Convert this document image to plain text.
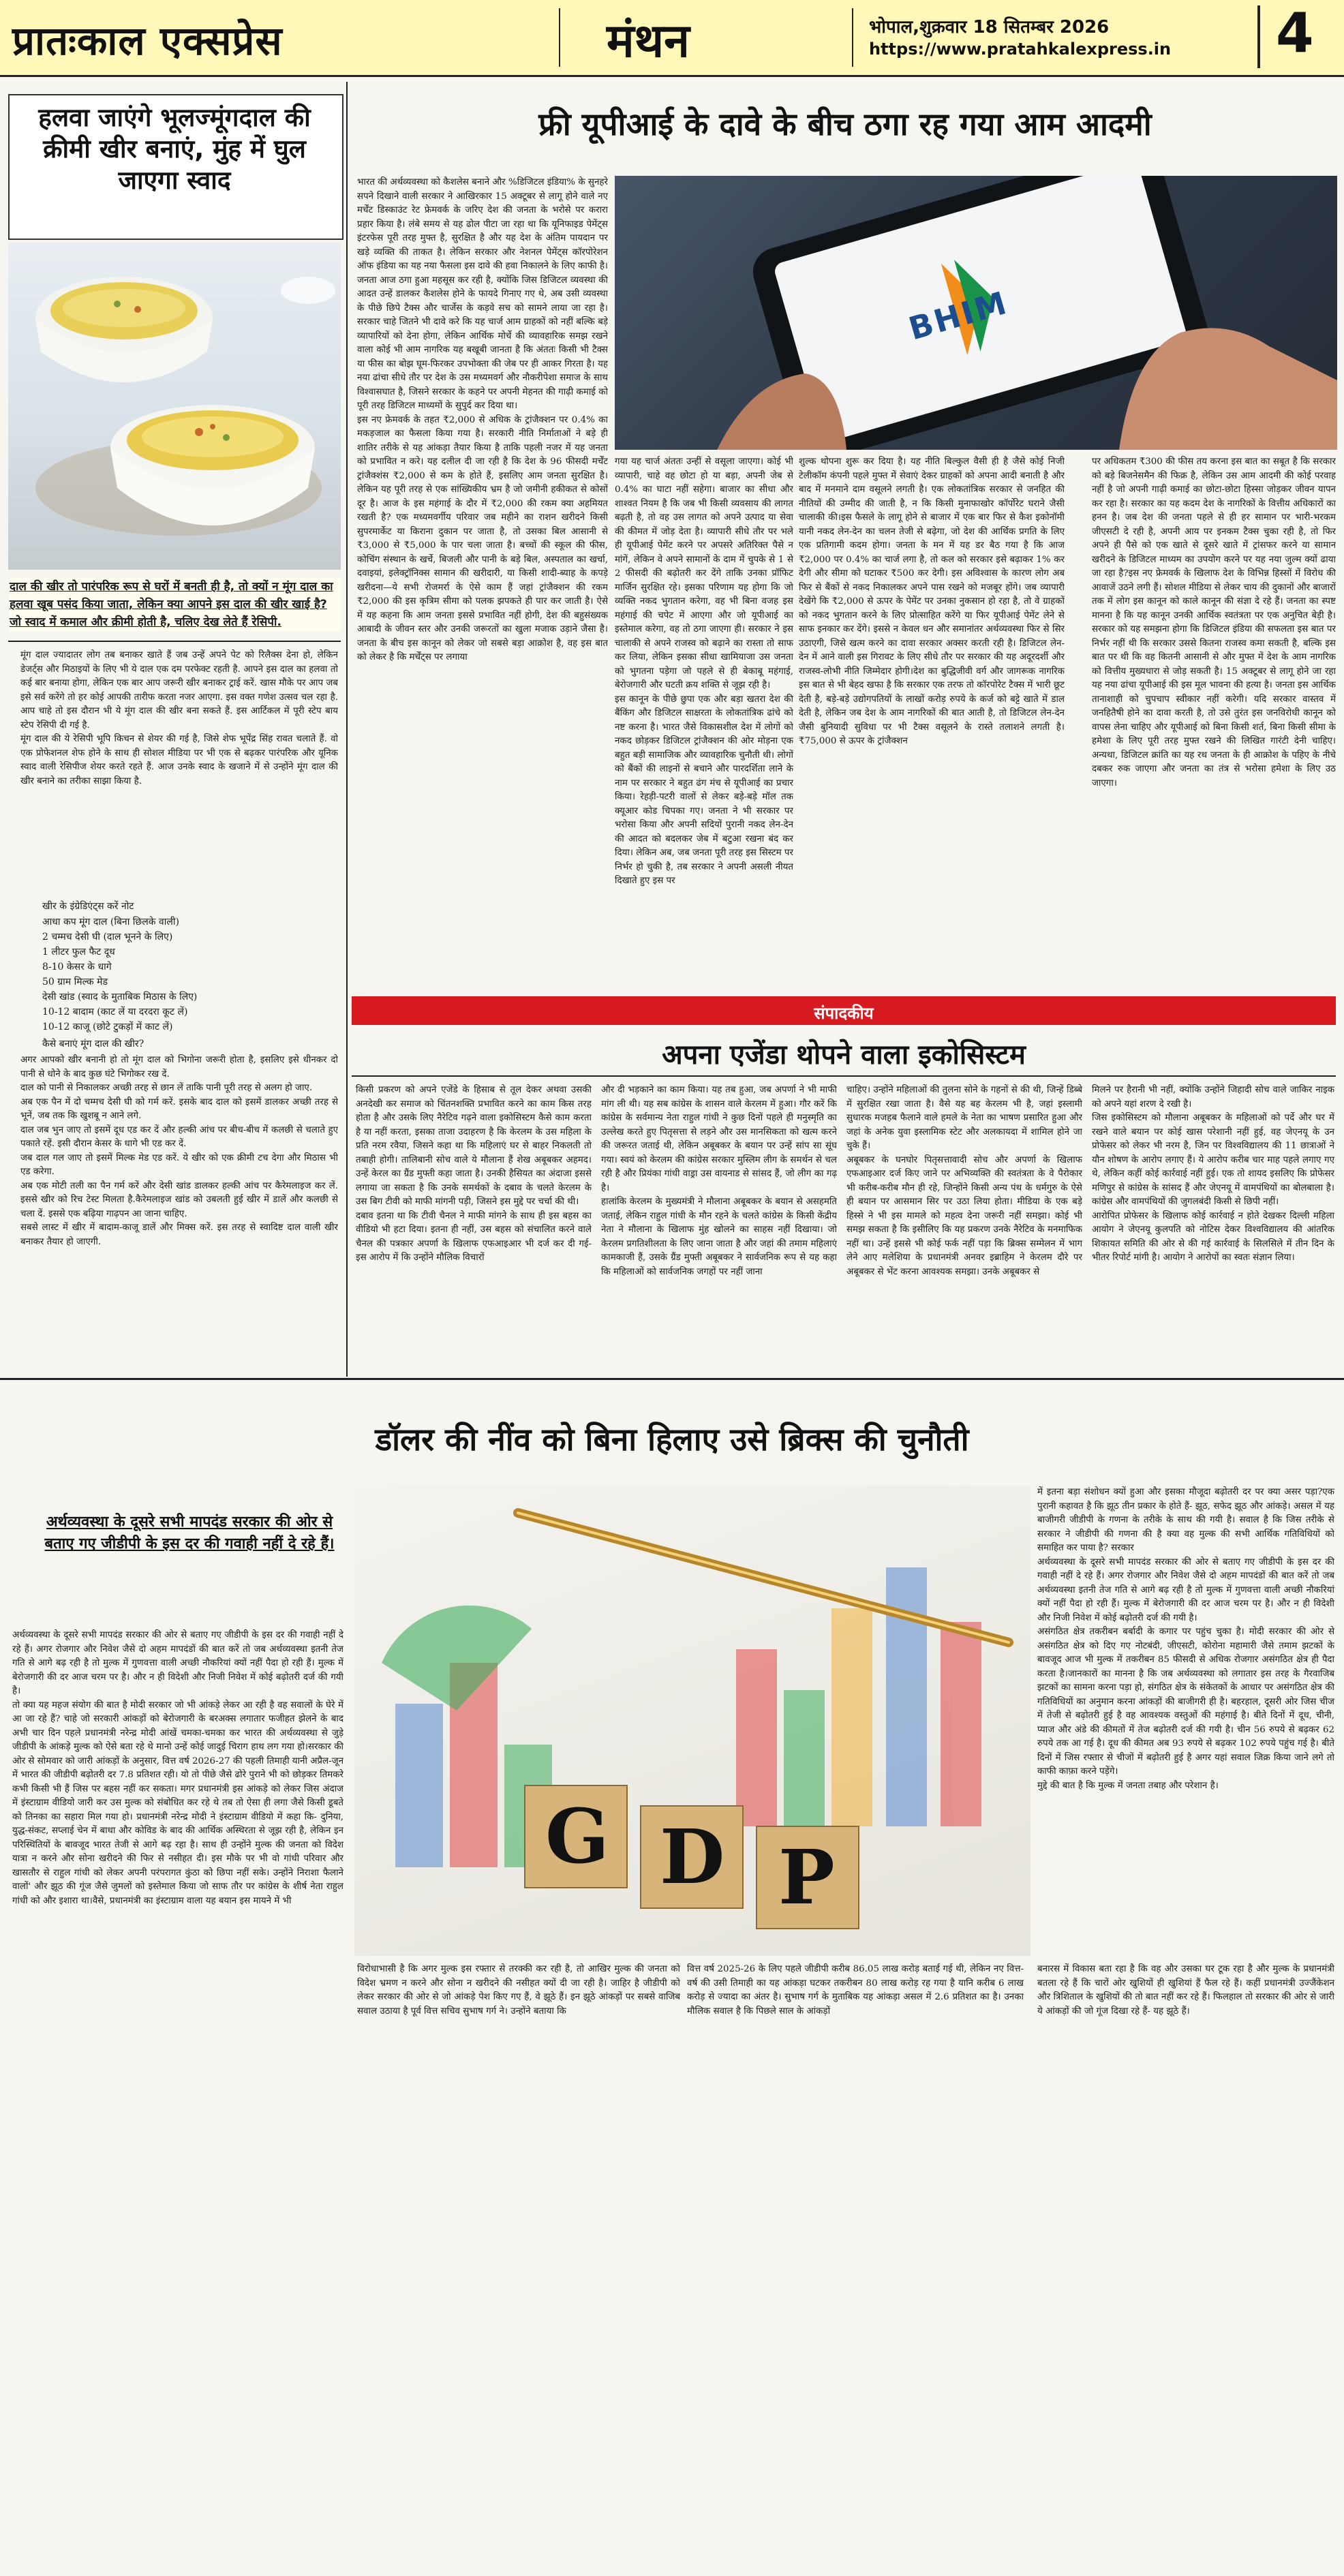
प्रातःकाल एक्सप्रेस	मंथन	भोपाल,शुक्रवार 18 सितम्बर 2026
https://www.pratahkalexpress.in 4
हलवा जाएंगे भूलज्मूंगदाल की क्रीमी खीर बनाएं, मुंह में घुल जाएगा स्वाद
दाल की खीर तो पारंपरिक रूप से घरों में बनती ही है, तो क्यों न मूंग दाल का हलवा खूब पसंद किया जाता, लेकिन क्या आपने इस दाल की खीर खाई है? जो स्वाद में कमाल और क्रीमी होती है, चलिए देख लेते हैं रेसिपी.

मूंग दाल ज्यादातर लोग तब बनाकर खाते हैं जब उन्हें अपने पेट को रिलैक्स देना हो, लेकिन डेजर्ट्स और मिठाइयों के लिए भी ये दाल एक दम परफेक्ट रहती है. आपने इस दाल का हलवा तो कई बार बनाया होगा, लेकिन एक बार आप जरूरी खीर बनाकर ट्राई करें. खास मौके पर आप जब इसे सर्व करेंगे तो हर कोई आपकी तारीफ करता नजर आएगा. इस वक्त गणेश उत्सव चल रहा है. आप चाहे तो इस दौरान भी ये मूंग दाल की खीर बना सकते हैं. इस आर्टिकल में पूरी स्टेप बाय स्टेप रेसिपी दी गई है.
मूंग दाल की ये रेसिपी भूपि किचन से शेयर की गई है, जिसे शेफ भूपेंद्र सिंह रावत चलाते हैं. वो एक प्रोफेशनल शेफ होने के साथ ही सोशल मीडिया पर भी एक से बढ़कर पारंपरिक और यूनिक स्वाद वाली रेसिपीज शेयर करते रहते हैं. आज उनके स्वाद के खजाने में से उन्होंने मूंग दाल की खीर बनाने का तरीका साझा किया है.

खीर के इंग्रेडिएंट्स करें नोट
आधा कप मूंग दाल (बिना छिलके वाली)
2 चम्मच देसी घी (दाल भूनने के लिए)
1 लीटर फुल फैट दूध
8-10 केसर के धागे
50 ग्राम मिल्क मेड
देसी खांड (स्वाद के मुताबिक मिठास के लिए)
10-12 बादाम (काट लें या दरदरा कूट लें)
10-12 काजू (छोटे टुकड़ों में काट लें)
कैसे बनाएं मूंग दाल की खीर?

अगर आपको खीर बनानी हो तो मूंग दाल को भिगोना जरूरी होता है, इसलिए इसे धीनकर दो पानी से धोने के बाद कुछ घंटे भिगोकर रख दें.
दाल को पानी से निकालकर अच्छी तरह से छान लें ताकि पानी पूरी तरह से अलग हो जाए.
अब एक पैन में दो चम्मच देसी घी को गर्म करें. इसके बाद दाल को इसमें डालकर अच्छी तरह से भूनें, जब तक कि खुशबू न आने लगे.
दाल जब भुन जाए तो इसमें दूध एड कर दें और हल्की आंच पर बीच-बीच में कलछी से चलाते हुए पकाते रहें. इसी दौरान केसर के धागे भी एड कर दें.
जब दाल गल जाए तो इसमें मिल्क मेड एड करें. ये खीर को एक क्रीमी टच देगा और मिठास भी एड करेगा.
अब एक मोटी तली का पैन गर्म करें और देसी खांड डालकर हल्की आंच पर कैरेमलाइज कर लें. इससे खीर को रिच टेस्ट मिलता है.कैरेमलाइज खांड को उबलती हुई खीर में डालें और कलछी से चला दें. इससे एक बढ़िया गाढ़पन आ जाना चाहिए.
सबसे लास्ट में खीर में बादाम-काजू डालें और मिक्स करें. इस तरह से स्वादिष्ट दाल वाली खीर बनाकर तैयार हो जाएगी.

फ्री यूपीआई के दावे के बीच ठगा रह गया आम आदमी

भारत की अर्थव्यवस्था को कैशलेस बनाने और %डिजिटल इंडिया% के सुनहरे सपने दिखाने वाली सरकार ने आखिरकार 15 अक्टूबर से लागू होने वाले नए मर्चेंट डिस्काउंट रेट फ्रेमवर्क के जरिए देश की जनता के भरोसे पर करारा प्रहार किया है। लंबे समय से यह ढोल पीटा जा रहा था कि यूनिफाइड पेमेंट्स इंटरफेस पूरी तरह मुफ्त है, सुरक्षित है और यह देश के अंतिम पायदान पर खड़े व्यक्ति की ताकत है। लेकिन सरकार और नेशनल पेमेंट्स कॉरपोरेशन ऑफ इंडिया का यह नया फैसला इस दावे की हवा निकालने के लिए काफी है। जनता आज ठगा हुआ महसूस कर रही है, क्योंकि जिस डिजिटल व्यवस्था की आदत उन्हें डालकर कैशलेस होने के फायदे गिनाए गए थे, अब उसी व्यवस्था के पीछे छिपे टैक्स और चार्जेस के कड़वे सच को सामने लाया जा रहा है। सरकार चाहे जितने भी दावे करे कि यह चार्ज आम ग्राहकों को नहीं बल्कि बड़े व्यापारियों को देना होगा, लेकिन आर्थिक मोर्चे की व्यावहारिक समझ रखने वाला कोई भी आम नागरिक यह बखूबी जानता है कि अंततः किसी भी टैक्स या फीस का बोझ घूम-फिरकर उपभोक्ता की जेब पर ही आकर गिरता है। यह नया ढांचा सीधे तौर पर देश के उस मध्यमवर्ग और नौकरीपेशा समाज के साथ विश्वासघात है, जिसने सरकार के कहने पर अपनी मेहनत की गाढ़ी कमाई को पूरी तरह डिजिटल माध्यमों के सुपुर्द कर दिया था।
इस नए फ्रेमवर्क के तहत ₹2,000 से अधिक के ट्रांजैक्शन पर 0.4% का मकड़जाल का फैसला किया गया है। सरकारी नीति निर्माताओं ने बड़े ही शातिर तरीके से यह आंकड़ा तैयार किया है ताकि पहली नजर में यह जनता को प्रभावित न करे। यह दलील दी जा रही है कि देश के 96 फीसदी मर्चेंट ट्रांजैक्शंस ₹2,000 से कम के होते हैं, इसलिए आम जनता सुरक्षित है। लेकिन यह पूरी तरह से एक सांख्यिकीय भ्रम है जो जमीनी हकीकत से कोसों दूर है। आज के इस महंगाई के दौर में ₹2,000 की रकम क्या अहमियत रखती है? एक मध्यमवर्गीय परिवार जब महीने का राशन खरीदने किसी सुपरमार्केट या किराना दुकान पर जाता है, तो उसका बिल आसानी से ₹3,000 से ₹5,000 के पार चला जाता है। बच्चों की स्कूल की फीस, कोचिंग संस्थान के खर्चे, बिजली और पानी के बड़े बिल, अस्पताल का खर्चा, दवाइयां, इलेक्ट्रॉनिक्स सामान की खरीदारी, या किसी शादी-ब्याह के कपड़े खरीदना—ये सभी रोजमर्रा के ऐसे काम हैं जहां ट्रांजैक्शन की रकम ₹2,000 की इस कृत्रिम सीमा को पलक झपकते ही पार कर जाती है। ऐसे में यह कहना कि आम जनता इससे प्रभावित नहीं होगी, देश की बहुसंख्यक आबादी के जीवन स्तर और उनकी जरूरतों का खुला मजाक उड़ाने जैसा है।जनता के बीच इस कानून को लेकर जो सबसे बड़ा आक्रोश है, वह इस बात को लेकर है कि मर्चेंट्स पर लगाया

BHIM

गया यह चार्ज अंततः उन्हीं से वसूला जाएगा। कोई भी व्यापारी, चाहे वह छोटा हो या बड़ा, अपनी जेब से 0.4% का घाटा नहीं सहेगा। बाजार का सीधा और शाश्वत नियम है कि जब भी किसी व्यवसाय की लागत बढ़ती है, तो वह उस लागत को अपने उत्पाद या सेवा की कीमत में जोड़ देता है। व्यापारी सीधे तौर पर भले ही यूपीआई पेमेंट करने पर अपसरे अतिरिक्त पैसे न मांगें, लेकिन वे अपने सामानों के दाम में चुपके से 1 से 2 फीसदी की बढ़ोतरी कर देंगे ताकि उनका प्रॉफिट मार्जिन सुरक्षित रहे। इसका परिणाम यह होगा कि जो व्यक्ति नकद भुगतान करेगा, वह भी बिना वजह इस महंगाई की चपेट में आएगा और जो यूपीआई का इस्तेमाल करेगा, वह तो ठगा जाएगा ही। सरकार ने इस चालाकी से अपने राजस्व को बढ़ाने का रास्ता तो साफ कर लिया, लेकिन इसका सीधा खामियाजा उस जनता को भुगतना पड़ेगा जो पहले से ही बेकाबू महंगाई, बेरोजगारी और घटती क्रय शक्ति से जूझ रही है।
इस कानून के पीछे छुपा एक और बड़ा खतरा देश की बैंकिंग और डिजिटल साक्षरता के लोकतांत्रिक ढांचे को नष्ट करना है। भारत जैसे विकासशील देश में लोगों को नकद छोड़कर डिजिटल ट्रांजैक्शन की ओर मोड़ना एक बहुत बड़ी सामाजिक और व्यावहारिक चुनौती थी। लोगों को बैंकों की लाइनों से बचाने और पारदर्शिता लाने के नाम पर सरकार ने बहुत ढंग मंच से यूपीआई का प्रचार किया। रेहड़ी-पटरी वालों से लेकर बड़े-बड़े मॉल तक क्यूआर कोड चिपका गए। जनता ने भी सरकार पर भरोसा किया और अपनी सदियों पुरानी नकद लेन-देन की आदत को बदलकर जेब में बटुआ रखना बंद कर दिया। लेकिन अब, जब जनता पूरी तरह इस सिस्टम पर निर्भर हो चुकी है, तब सरकार ने अपनी असली नीयत दिखाते हुए इस पर

शुल्क थोपना शुरू कर दिया है। यह नीति बिल्कुल वैसी ही है जैसे कोई निजी टेलीकॉम कंपनी पहले मुफ्त में सेवाएं देकर ग्राहकों को अपना आदी बनाती है और बाद में मनमाने दाम वसूलने लगती है। एक लोकतांत्रिक सरकार से जनहित की नीतियों की उम्मीद की जाती है, न कि किसी मुनाफाखोर कॉर्पोरेट घराने जैसी चालाकी की।इस फैसले के लागू होने से बाजार में एक बार फिर से कैश इकोनॉमी यानी नकद लेन-देन का चलन तेजी से बढ़ेगा, जो देश की आर्थिक प्रगति के लिए एक प्रतिगामी कदम होगा। जनता के मन में यह डर बैठ गया है कि आज ₹2,000 पर 0.4% का चार्ज लगा है, तो कल को सरकार इसे बढ़ाकर 1% कर देगी और सीमा को घटाकर ₹500 कर देगी। इस अविश्वास के कारण लोग अब फिर से बैंकों से नकद निकालकर अपने पास रखने को मजबूर होंगे। जब व्यापारी देखेंगे कि ₹2,000 से ऊपर के पेमेंट पर उनका नुकसान हो रहा है, तो वे ग्राहकों को नकद भुगतान करने के लिए प्रोत्साहित करेंगे या फिर यूपीआई पेमेंट लेने से साफ इनकार कर देंगे। इससे न केवल धन और समानांतर अर्थव्यवस्था फिर से सिर उठाएगी, जिसे खत्म करने का दावा सरकार अक्सर करती रही है। डिजिटल लेन-देन में आने वाली इस गिरावट के लिए सीधे तौर पर सरकार की यह अदूरदर्शी और राजस्व-लोभी नीति जिम्मेदार होगी।देश का बुद्धिजीवी वर्ग और जागरूक नागरिक इस बात से भी बेहद खफा है कि सरकार एक तरफ तो कॉरपोरेट टैक्स में भारी छूट देती है, बड़े-बड़े उद्योगपतियों के लाखों करोड़ रुपये के कर्ज को बट्टे खाते में डाल देती है, लेकिन जब देश के आम नागरिकों की बात आती है, तो डिजिटल लेन-देन जैसी बुनियादी सुविधा पर भी टैक्स वसूलने के रास्ते तलाशने लगती है। ₹75,000 से ऊपर के ट्रांजैक्शन

पर अधिकतम ₹300 की फीस तय करना इस बात का सबूत है कि सरकार को बड़े बिजनेसमैन की फिक्र है, लेकिन उस आम आदमी की कोई परवाह नहीं है जो अपनी गाढ़ी कमाई का छोटा-छोटा हिस्सा जोड़कर जीवन यापन कर रहा है। सरकार का यह कदम देश के नागरिकों के वित्तीय अधिकारों का हनन है। जब देश की जनता पहले से ही हर सामान पर भारी-भरकम जीएसटी दे रही है, अपनी आय पर इनकम टैक्स चुका रही है, तो फिर अपने ही पैसे को एक खाते से दूसरे खाते में ट्रांसफर करने या सामान खरीदने के डिजिटल माध्यम का उपयोग करने पर यह नया जुल्म क्यों ढाया जा रहा है?इस नए फ्रेमवर्क के खिलाफ देश के विभिन्न हिस्सों में विरोध की आवाजें उठने लगी हैं। सोशल मीडिया से लेकर चाय की दुकानों और बाजारों तक में लोग इस कानून को काले कानून की संज्ञा दे रहे हैं। जनता का स्पष्ट मानना है कि यह कानून उनकी आर्थिक स्वतंत्रता पर एक अनुचित बेड़ी है। सरकार को यह समझना होगा कि डिजिटल इंडिया की सफलता इस बात पर निर्भर नहीं थी कि सरकार उससे कितना राजस्व कमा सकती है, बल्कि इस बात पर थी कि वह कितनी आसानी से और मुफ्त में देश के आम नागरिक को वित्तीय मुख्यधारा से जोड़ सकती है। 15 अक्टूबर से लागू होने जा रहा यह नया ढांचा यूपीआई की इस मूल भावना की हत्या है। जनता इस आर्थिक तानाशाही को चुपचाप स्वीकार नहीं करेगी। यदि सरकार वास्तव में जनहितैषी होने का दावा करती है, तो उसे तुरंत इस जनविरोधी कानून को वापस लेना चाहिए और यूपीआई को बिना किसी शर्त, बिना किसी सीमा के हमेशा के लिए पूरी तरह मुफ्त रखने की लिखित गारंटी देनी चाहिए। अन्यथा, डिजिटल क्रांति का यह रथ जनता के ही आक्रोश के पहिए के नीचे दबकर रुक जाएगा और जनता का तंत्र से भरोसा हमेशा के लिए उठ जाएगा।

संपादकीय
अपना एजेंडा थोपने वाला इकोसिस्टम

किसी प्रकरण को अपने एजेंडे के हिसाब से तूल देकर अथवा उसकी अनदेखी कर समाज को चिंतनशक्ति प्रभावित करने का काम किस तरह होता है और उसके लिए नैरेटिव गढ़ने वाला इकोसिस्टम कैसे काम करता है या नहीं करता, इसका ताजा उदाहरण है कि केरलम के उस महिला के प्रति नरम रवैया, जिसने कहा था कि महिलाएं घर से बाहर निकलती तो तबाही होगी। तालिबानी सोच वाले ये मौलाना हैं शेख अबूबकर अहमद। उन्हें केरल का ग्रैंड मुफ्ती कहा जाता है। उनकी हैसियत का अंदाजा इससे लगाया जा सकता है कि उनके समर्थकों के दबाव के चलते केरलम के उस बिग टीवी को माफी मांगनी पड़ी, जिसने इस मुद्दे पर चर्चा की थी।
दबाव इतना था कि टीवी चैनल ने माफी मांगने के साथ ही इस बहस का वीडियो भी हटा दिया। इतना ही नहीं, उस बहस को संचालित करने वाले चैनल की पत्रकार अपर्णा के खिलाफ एफआइआर भी दर्ज कर दी गई-इस आरोप में कि उन्होंने मौलिक विचारों

और दी भड़काने का काम किया। यह तब हुआ, जब अपर्णा ने भी माफी मांग ली थी। यह सब कांग्रेस के शासन वाले केरलम में हुआ। गौर करें कि कांग्रेस के सर्वमान्य नेता राहुल गांधी ने कुछ दिनों पहले ही मनुस्मृति का उल्लेख करते हुए पितृसत्ता से लड़ने और उस मानसिकता को खत्म करने की जरूरत जताई थी, लेकिन अबूबकर के बयान पर उन्हें सांप सा सूंघ गया। स्वयं को केरलम की कांग्रेस सरकार मुस्लिम लीग के समर्थन से चल रही है और प्रियंका गांधी वाड्रा उस वायनाड से सांसद हैं, जो लीग का गढ़ है।
हालांकि केरलम के मुख्यमंत्री ने मौलाना अबूबकर के बयान से असहमति जताई, लेकिन राहुल गांधी के मौन रहने के चलते कांग्रेस के किसी केंद्रीय नेता ने मौलाना के खिलाफ मुंह खोलने का साहस नहीं दिखाया। जो केरलम प्रगतिशीलता के लिए जाना जाता है और जहां की तमाम महिलाएं कामकाजी हैं, उसके ग्रैंड मुफ्ती अबूबकर ने सार्वजनिक रूप से यह कहा कि महिलाओं को सार्वजनिक जगहों पर नहीं जाना

चाहिए। उन्होंने महिलाओं की तुलना सोने के गहनों से की थी, जिन्हें डिब्बे में सुरक्षित रखा जाता है। वैसे यह बह केरलम भी है, जहां इस्लामी सुधारक मजहब फैलाने वाले हमले के नेता का भाषण प्रसारित हुआ और जहां के अनेक युवा इस्लामिक स्टेट और अलकायदा में शामिल होने जा चुके हैं।
अबूबकर के घनघोर पितृसत्तावादी सोच और अपर्णा के खिलाफ एफआइआर दर्ज किए जाने पर अभिव्यक्ति की स्वतंत्रता के वे पैरोकार भी करीब-करीब मौन ही रहे, जिन्होंने किसी अन्य पंथ के धर्मगुरु के ऐसे ही बयान पर आसमान सिर पर उठा लिया होता। मीडिया के एक बड़े हिस्से ने भी इस मामले को महत्व देना जरूरी नहीं समझा। कोई भी समझ सकता है कि इसीलिए कि यह प्रकरण उनके नैरेटिव के मनमाफिक नहीं था। उन्हें इससे भी कोई फर्क नहीं पड़ा कि ब्रिक्स सम्मेलन में भाग लेने आए मलेशिया के प्रधानमंत्री अनवर इब्राहिम ने केरलम दौरे पर अबूबकर से भेंट करना आवश्यक समझा। उनके अबूबकर से

मिलने पर हैरानी भी नहीं, क्योंकि उन्होंने जिहादी सोच वाले जाकिर नाइक को अपने यहां शरण दे रखी है।
जिस इकोसिस्टम को मौलाना अबूबकर के महिलाओं को पर्दे और घर में रखने वाले बयान पर कोई खास परेशानी नहीं हुई, वह जेएनयू के उन प्रोफेसर को लेकर भी नरम है, जिन पर विश्वविद्यालय की 11 छात्राओं ने यौन शोषण के आरोप लगाए हैं। ये आरोप करीब चार माह पहले लगाए गए थे, लेकिन कहीं कोई कार्रवाई नहीं हुई। एक तो शायद इसलिए कि प्रोफेसर मणिपुर से कांग्रेस के सांसद हैं और जेएनयू में वामपंथियों का बोलबाला है। कांग्रेस और वामपंथियों की जुगलबंदी किसी से छिपी नहीं।
आरोपित प्रोफेसर के खिलाफ कोई कार्रवाई न होते देखकर दिल्ली महिला आयोग ने जेएनयू कुलपति को नोटिस देकर विश्वविद्यालय की आंतरिक शिकायत समिति की ओर से की गई कार्रवाई के सिलसिले में तीन दिन के भीतर रिपोर्ट मांगी है। आयोग ने आरोपों का स्वतः संज्ञान लिया।

डॉलर की नींव को बिना हिलाए उसे ब्रिक्स की चुनौती
अर्थव्यवस्था के दूसरे सभी मापदंड सरकार की ओर से बताए गए जीडीपी के इस दर की गवाही नहीं दे रहे हैं।

अर्थव्यवस्था के दूसरे सभी मापदंड सरकार की ओर से बताए गए जीडीपी के इस दर की गवाही नहीं दे रहे हैं। अगर रोजगार और निवेश जैसे दो अहम मापदंडों की बात करें तो जब अर्थव्यवस्था इतनी तेज गति से आगे बढ़ रही है तो मुल्क में गुणवत्ता वाली अच्छी नौकरियां क्यों नहीं पैदा हो रही हैं। मुल्क में बेरोजगारी की दर आज चरम पर है। और न ही विदेशी और निजी निवेश में कोई बढ़ोतरी दर्ज की गयी है।
तो क्या यह महज संयोग की बात है मोदी सरकार जो भी आंकड़े लेकर आ रही है वह सवालों के घेरे में आ जा रहे हैं? चाहे जो सरकारी आंकड़ों को बेरोजगारी के बरअक्स लगातार फजीहत झेलने के बाद अभी चार दिन पहले प्रधानमंत्री नरेन्द्र मोदी आंखें चमका-चमका कर भारत की अर्थव्यवस्था से जुड़े जीडीपी के आंकड़े मुल्क को ऐसे बता रहे थे मानो उन्हें कोई जादुई चिराग हाथ लग गया हो।सरकार की ओर से सोमवार को जारी आंकड़ों के अनुसार, वित्त वर्ष 2026-27 की पहली तिमाही यानी अप्रैल-जून में भारत की जीडीपी बढ़ोतरी दर 7.8 प्रतिशत रही। यो तो पीछे जैसे ढोरे पुराने भी को छोड़कर तिमकरे कभी किसी भी हैं जिस पर बहस नहीं कर सकता। मगर प्रधानमंत्री इस आंकड़े को लेकर जिस अंदाज में इंस्टाग्राम वीडियो जारी कर उस मुल्क को संबोधित कर रहे थे तब तो ऐसा ही लगा जैसे किसी डूबते को तिनका का सहारा मिल गया हो। प्रधानमंत्री नरेन्द्र मोदी ने इंस्टाग्राम वीडियो में कहा कि- दुनिया, युद्ध-संकट, सप्लाई चेन में बाधा और कोविड के बाद की आर्थिक अस्थिरता से जूझ रही है, लेकिन इन परिस्थितियों के बावजूद भारत तेजी से आगे बढ़ रहा है। साथ ही उन्होंने मुल्क की जनता को विदेश यात्रा न करने और सोना खरीदने की फिर से नसीहत दी। इस मौके पर भी वो गांधी परिवार और खासतौर से राहुल गांधी को लेकर अपनी परंपरागत कुंठा को छिपा नहीं सके। उन्होंने निराशा फैलाने वालों' और झूठ की गूंज जैसे जुमलों को इस्तेमाल किया जो साफ तौर पर कांग्रेस के शीर्ष नेता राहुल गांधी को और इशारा था।वैसे, प्रधानमंत्री का इंस्टाग्राम वाला यह बयान इस मायने में भी

G D P

विरोधाभासी है कि अगर मुल्क इस रफ्तार से तरक्की कर रही है, तो आखिर मुल्क की जनता को विदेश भ्रमण न करने और सोना न खरीदने की नसीहत क्यों दी जा रही है। जाहिर है जीडीपी को लेकर सरकार की ओर से जो आंकड़े पेश किए गए हैं, वे झूठे हैं। इन झूठे आंकड़ों पर सबसे वाजिब सवाल उठाया है पूर्व वित्त सचिव सुभाष गर्ग ने। उन्होंने बताया कि

वित्त वर्ष 2025-26 के लिए पहले जीडीपी करीब 86.05 लाख करोड़ बताई गई थी, लेकिन नए वित्त-वर्ष की उसी तिमाही का यह आंकड़ा घटकर तकरीबन 80 लाख करोड़ रह गया है यानि करीब 6 लाख करोड़ से ज्यादा का अंतर है। सुभाष गर्ग के मुताबिक यह आंकड़ा असल में 2.6 प्रतिशत का है। उनका मौलिक सवाल है कि पिछले साल के आंकड़ों

में इतना बड़ा संशोधन क्यों हुआ और इसका मौजूदा बढ़ोतरी दर पर क्या असर पड़ा?एक पुरानी कहावत है कि झूठ तीन प्रकार के होते हैं- झूठ, सफेद झूठ और आंकड़े। असल में यह बाजीगरी जीडीपी के गणना के तरीके के साथ की गयी है। सवाल है कि जिस तरीके से सरकार ने जीडीपी की गणना की है क्या वह मुल्क की सभी आर्थिक गतिविधियों को समाहित कर पाया है? सरकार
अर्थव्यवस्था के दूसरे सभी मापदंड सरकार की ओर से बताए गए जीडीपी के इस दर की गवाही नहीं दे रहे हैं। अगर रोजगार और निवेश जैसे दो अहम मापदंडों की बात करें तो जब अर्थव्यवस्था इतनी तेज गति से आगे बढ़ रही है तो मुल्क में गुणवत्ता वाली अच्छी नौकरियां क्यों नहीं पैदा हो रही हैं। मुल्क में बेरोजगारी की दर आज चरम पर है। और न ही विदेशी और निजी निवेश में कोई बढ़ोतरी दर्ज की गयी है।
असंगठित क्षेत्र तकरीबन बर्बादी के कगार पर पहुंच चुका है। मोदी सरकार की ओर से असंगठित क्षेत्र को दिए गए नोटबंदी, जीएसटी, कोरोना महामारी जैसे तमाम झटकों के बावजूद आज भी मुल्क में तकरीबन 85 फीसदी से अधिक रोजगार असंगठित क्षेत्र ही पैदा करता है।जानकारों का मानना है कि जब अर्थव्यवस्था को लगातार इस तरह के गैरवाजिब झटकों का सामना करना पड़ा हो, संगठित क्षेत्र के संकेतकों के आधार पर असंगठित क्षेत्र की गतिविधियों का अनुमान करना आंकड़ों की बाजीगरी ही है। बहरहाल, दूसरी ओर जिस चीज में तेजी से बढ़ोतरी हुई है वह आवश्यक वस्तुओं की महंगाई है। बीते दिनों में दूध, चीनी, प्याज और अंडे की कीमतों में तेज बढ़ोतरी दर्ज की गयी है। चीन 56 रुपये से बढ़कर 62 रुपये तक आ गई है। दूध की कीमत अब 93 रुपये से बढ़कर 102 रुपये पहुंच गई है। बीते दिनों में जिस रफ्तार से चीजों में बढ़ोतरी हुई है अगर यहां सवाल जिक्र किया जाने लगे तो काफी काफ़ा करने पड़ेंगे।
मुद्दे की बात है कि मुल्क में जनता तबाह और परेशान है।

बनारस में विकास बता रहा है कि वह और उसका घर टूक रहा है और मुल्क के प्रधानमंत्री बतला रहे हैं कि चारों ओर खुशियों ही खुशियां हैं फैल रहे हैं। कहीं प्रधानमंत्री उज्जैंकेशन और त्रिशिताल के खुशियों की तो बात नहीं कर रहे हैं। फिलहाल तो सरकार की ओर से जारी ये आंकड़ों की जो गूंज दिखा रहे हैं- यह झूठे हैं।
